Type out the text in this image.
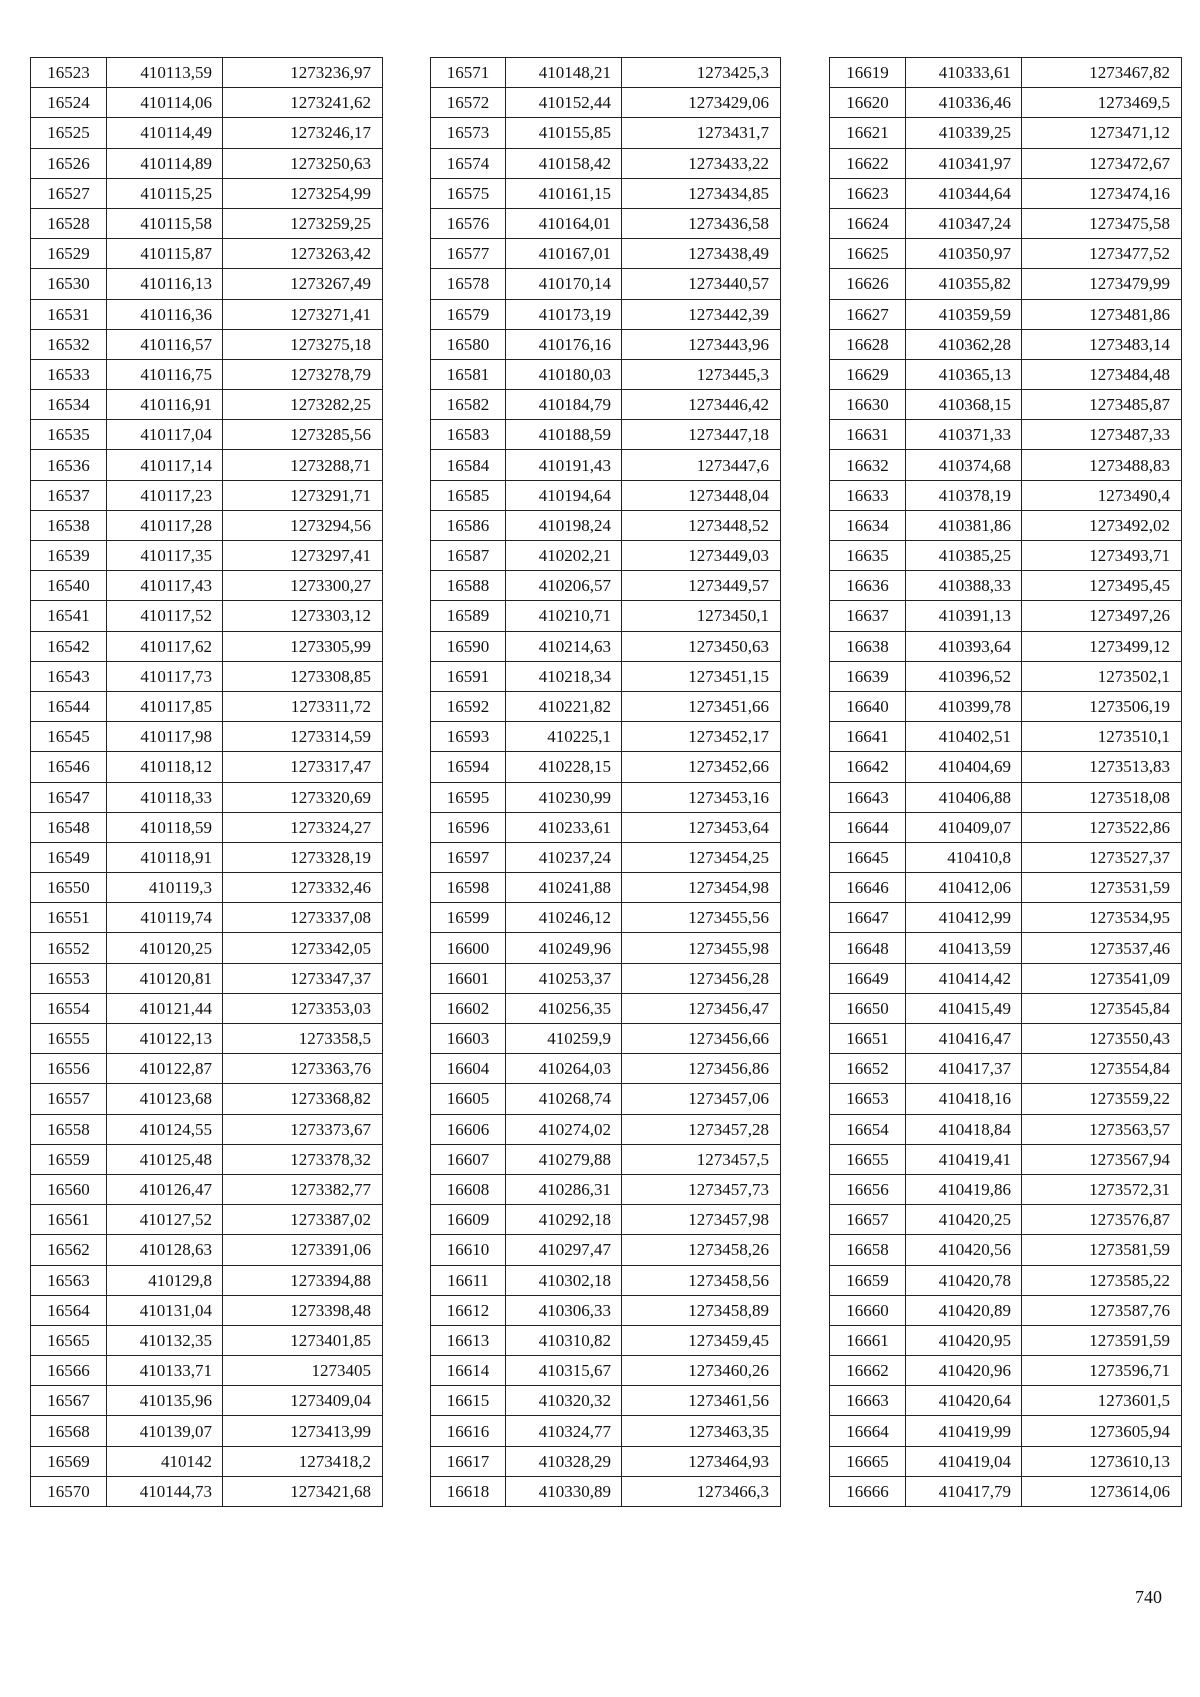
16523	410113,59	1273236,97
16524	410114,06	1273241,62
16525	410114,49	1273246,17
16526	410114,89	1273250,63
16527	410115,25	1273254,99
16528	410115,58	1273259,25
16529	410115,87	1273263,42
16530	410116,13	1273267,49
16531	410116,36	1273271,41
16532	410116,57	1273275,18
16533	410116,75	1273278,79
16534	410116,91	1273282,25
16535	410117,04	1273285,56
16536	410117,14	1273288,71
16537	410117,23	1273291,71
16538	410117,28	1273294,56
16539	410117,35	1273297,41
16540	410117,43	1273300,27
16541	410117,52	1273303,12
16542	410117,62	1273305,99
16543	410117,73	1273308,85
16544	410117,85	1273311,72
16545	410117,98	1273314,59
16546	410118,12	1273317,47
16547	410118,33	1273320,69
16548	410118,59	1273324,27
16549	410118,91	1273328,19
16550	410119,3	1273332,46
16551	410119,74	1273337,08
16552	410120,25	1273342,05
16553	410120,81	1273347,37
16554	410121,44	1273353,03
16555	410122,13	1273358,5
16556	410122,87	1273363,76
16557	410123,68	1273368,82
16558	410124,55	1273373,67
16559	410125,48	1273378,32
16560	410126,47	1273382,77
16561	410127,52	1273387,02
16562	410128,63	1273391,06
16563	410129,8	1273394,88
16564	410131,04	1273398,48
16565	410132,35	1273401,85
16566	410133,71	1273405
16567	410135,96	1273409,04
16568	410139,07	1273413,99
16569	410142	1273418,2
16570	410144,73	1273421,68
16571	410148,21	1273425,3
16572	410152,44	1273429,06
16573	410155,85	1273431,7
16574	410158,42	1273433,22
16575	410161,15	1273434,85
16576	410164,01	1273436,58
16577	410167,01	1273438,49
16578	410170,14	1273440,57
16579	410173,19	1273442,39
16580	410176,16	1273443,96
16581	410180,03	1273445,3
16582	410184,79	1273446,42
16583	410188,59	1273447,18
16584	410191,43	1273447,6
16585	410194,64	1273448,04
16586	410198,24	1273448,52
16587	410202,21	1273449,03
16588	410206,57	1273449,57
16589	410210,71	1273450,1
16590	410214,63	1273450,63
16591	410218,34	1273451,15
16592	410221,82	1273451,66
16593	410225,1	1273452,17
16594	410228,15	1273452,66
16595	410230,99	1273453,16
16596	410233,61	1273453,64
16597	410237,24	1273454,25
16598	410241,88	1273454,98
16599	410246,12	1273455,56
16600	410249,96	1273455,98
16601	410253,37	1273456,28
16602	410256,35	1273456,47
16603	410259,9	1273456,66
16604	410264,03	1273456,86
16605	410268,74	1273457,06
16606	410274,02	1273457,28
16607	410279,88	1273457,5
16608	410286,31	1273457,73
16609	410292,18	1273457,98
16610	410297,47	1273458,26
16611	410302,18	1273458,56
16612	410306,33	1273458,89
16613	410310,82	1273459,45
16614	410315,67	1273460,26
16615	410320,32	1273461,56
16616	410324,77	1273463,35
16617	410328,29	1273464,93
16618	410330,89	1273466,3
16619	410333,61	1273467,82
16620	410336,46	1273469,5
16621	410339,25	1273471,12
16622	410341,97	1273472,67
16623	410344,64	1273474,16
16624	410347,24	1273475,58
16625	410350,97	1273477,52
16626	410355,82	1273479,99
16627	410359,59	1273481,86
16628	410362,28	1273483,14
16629	410365,13	1273484,48
16630	410368,15	1273485,87
16631	410371,33	1273487,33
16632	410374,68	1273488,83
16633	410378,19	1273490,4
16634	410381,86	1273492,02
16635	410385,25	1273493,71
16636	410388,33	1273495,45
16637	410391,13	1273497,26
16638	410393,64	1273499,12
16639	410396,52	1273502,1
16640	410399,78	1273506,19
16641	410402,51	1273510,1
16642	410404,69	1273513,83
16643	410406,88	1273518,08
16644	410409,07	1273522,86
16645	410410,8	1273527,37
16646	410412,06	1273531,59
16647	410412,99	1273534,95
16648	410413,59	1273537,46
16649	410414,42	1273541,09
16650	410415,49	1273545,84
16651	410416,47	1273550,43
16652	410417,37	1273554,84
16653	410418,16	1273559,22
16654	410418,84	1273563,57
16655	410419,41	1273567,94
16656	410419,86	1273572,31
16657	410420,25	1273576,87
16658	410420,56	1273581,59
16659	410420,78	1273585,22
16660	410420,89	1273587,76
16661	410420,95	1273591,59
16662	410420,96	1273596,71
16663	410420,64	1273601,5
16664	410419,99	1273605,94
16665	410419,04	1273610,13
16666	410417,79	1273614,06
740
